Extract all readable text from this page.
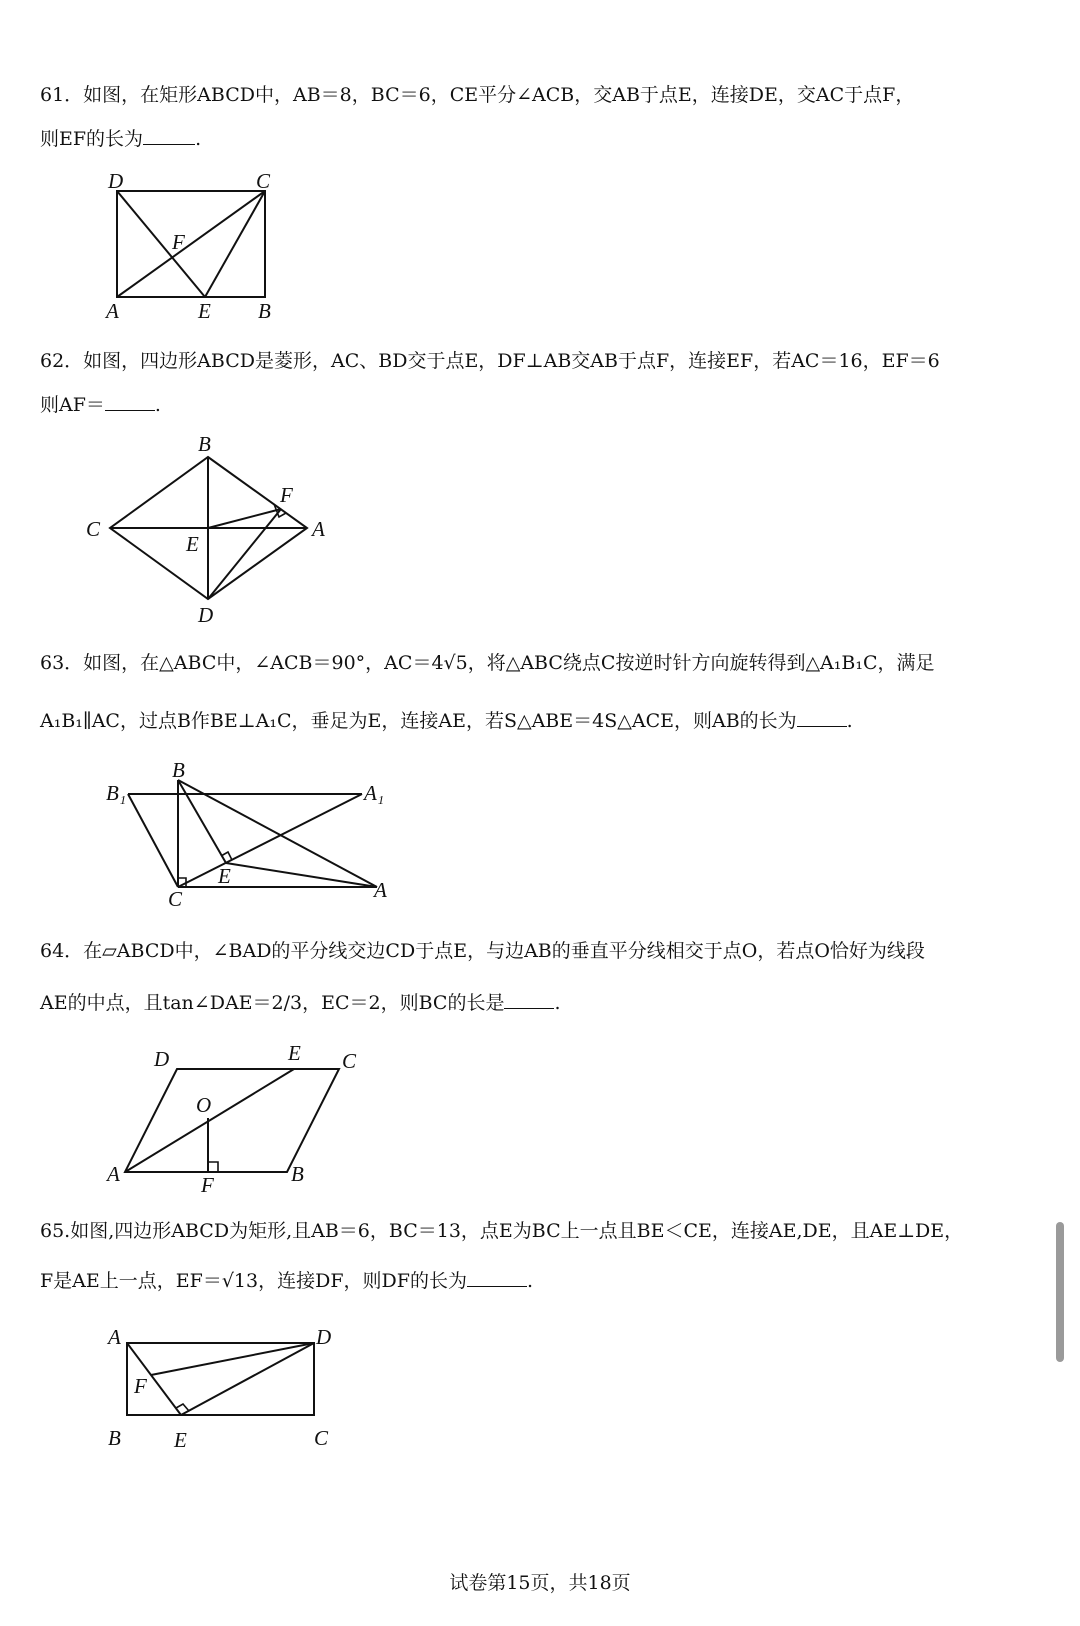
61．如图，在矩形ABCD中，AB＝8，BC＝6，CE平分∠ACB，交AB于点E，连接DE，交AC于点F，
则EF的长为	.
D	C
F
A	E B
62．如图，四边形ABCD是菱形，AC、BD交于点E，DF⊥AB交AB于点F，连接EF，若AC＝16，EF＝6
则AF＝	.
B
F
C
E
A
D
63．如图，在△ABC中，∠ACB＝90°，AC＝4√5，将△ABC绕点C按逆时针方向旋转得到△A₁B₁C，满足
A₁B₁∥AC，过点B作BE⊥A₁C，垂足为E，连接AE，若S△ABE＝4S△ACE，则AB的长为	.
B
B₁	A₁
E
C	A
64．在▱ABCD中，∠BAD的平分线交边CD于点E，与边AB的垂直平分线相交于点O，若点O恰好为线段
AE的中点，且tan∠DAE＝2/3，EC＝2，则BC的长是	.
D	E C
O
A	F	B
65.如图,四边形ABCD为矩形,且AB＝6，BC＝13，点E为BC上一点且BE＜CE，连接AE,DE，且AE⊥DE，
F是AE上一点，EF＝√13，连接DF，则DF的长为	.
A	D
F
B	E	C
试卷第15页，共18页
